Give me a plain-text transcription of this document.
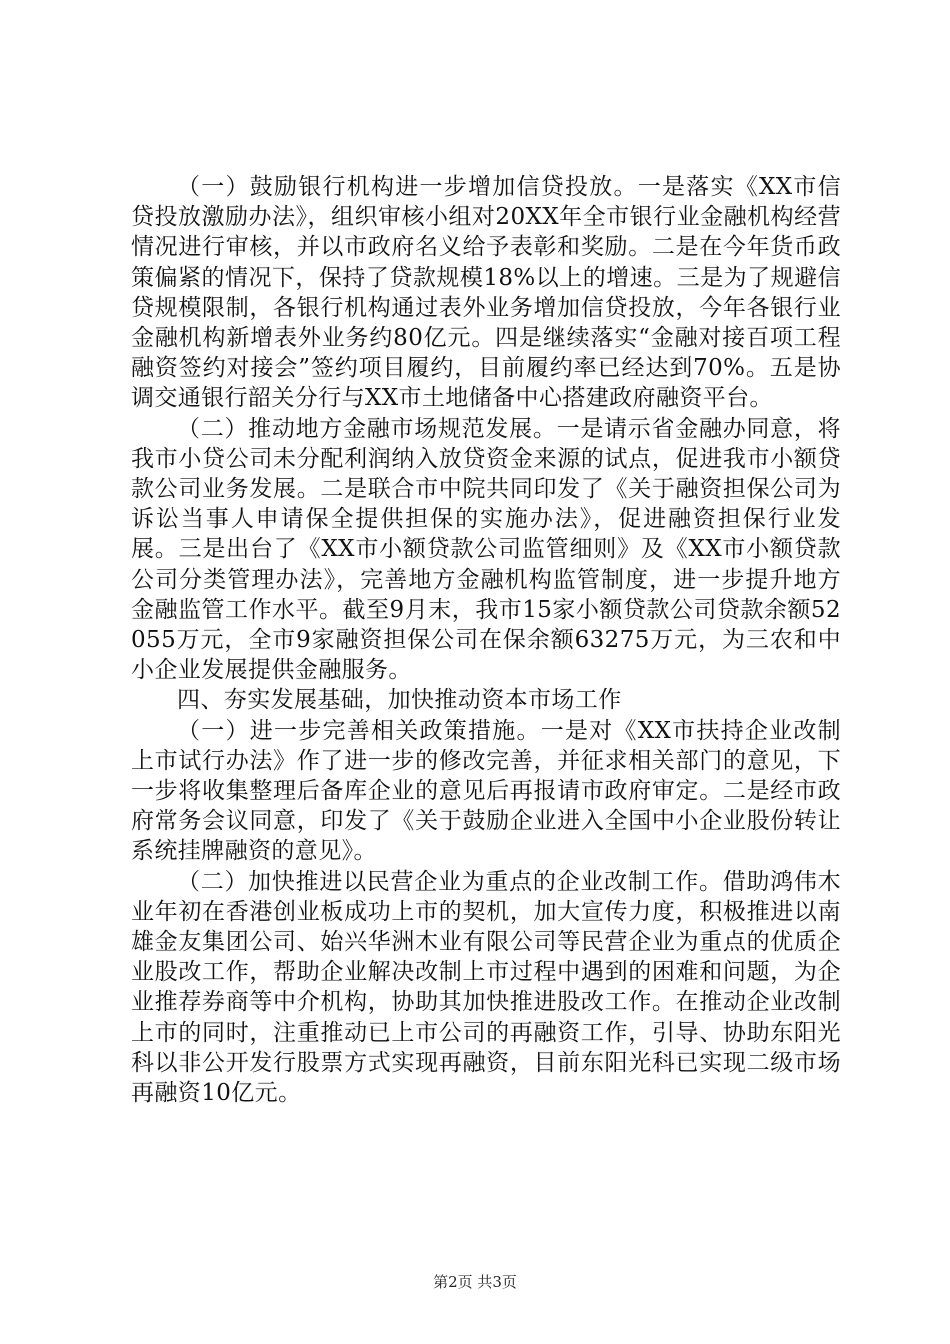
（一）鼓励银行机构进一步增加信贷投放。一是落实《XX市信贷投放激励办法》，组织审核小组对20XX年全市银行业金融机构经营情况进行审核，并以市政府名义给予表彰和奖励。二是在今年货币政策偏紧的情况下，保持了贷款规模18%以上的增速。三是为了规避信贷规模限制，各银行机构通过表外业务增加信贷投放，今年各银行业金融机构新增表外业务约80亿元。四是继续落实“金融对接百项工程融资签约对接会”签约项目履约，目前履约率已经达到70%。五是协调交通银行韶关分行与XX市土地储备中心搭建政府融资平台。

（二）推动地方金融市场规范发展。一是请示省金融办同意，将我市小贷公司未分配利润纳入放贷资金来源的试点，促进我市小额贷款公司业务发展。二是联合市中院共同印发了《关于融资担保公司为诉讼当事人申请保全提供担保的实施办法》，促进融资担保行业发展。三是出台了《XX市小额贷款公司监管细则》及《XX市小额贷款公司分类管理办法》，完善地方金融机构监管制度，进一步提升地方金融监管工作水平。截至9月末，我市15家小额贷款公司贷款余额52055万元，全市9家融资担保公司在保余额63275万元，为三农和中小企业发展提供金融服务。

四、夯实发展基础，加快推动资本市场工作

（一）进一步完善相关政策措施。一是对《XX市扶持企业改制上市试行办法》作了进一步的修改完善，并征求相关部门的意见，下一步将收集整理后备库企业的意见后再报请市政府审定。二是经市政府常务会议同意，印发了《关于鼓励企业进入全国中小企业股份转让系统挂牌融资的意见》。

（二）加快推进以民营企业为重点的企业改制工作。借助鸿伟木业年初在香港创业板成功上市的契机，加大宣传力度，积极推进以南雄金友集团公司、始兴华洲木业有限公司等民营企业为重点的优质企业股改工作，帮助企业解决改制上市过程中遇到的困难和问题，为企业推荐券商等中介机构，协助其加快推进股改工作。在推动企业改制上市的同时，注重推动已上市公司的再融资工作，引导、协助东阳光科以非公开发行股票方式实现再融资，目前东阳光科已实现二级市场再融资10亿元。

第2页 共3页
